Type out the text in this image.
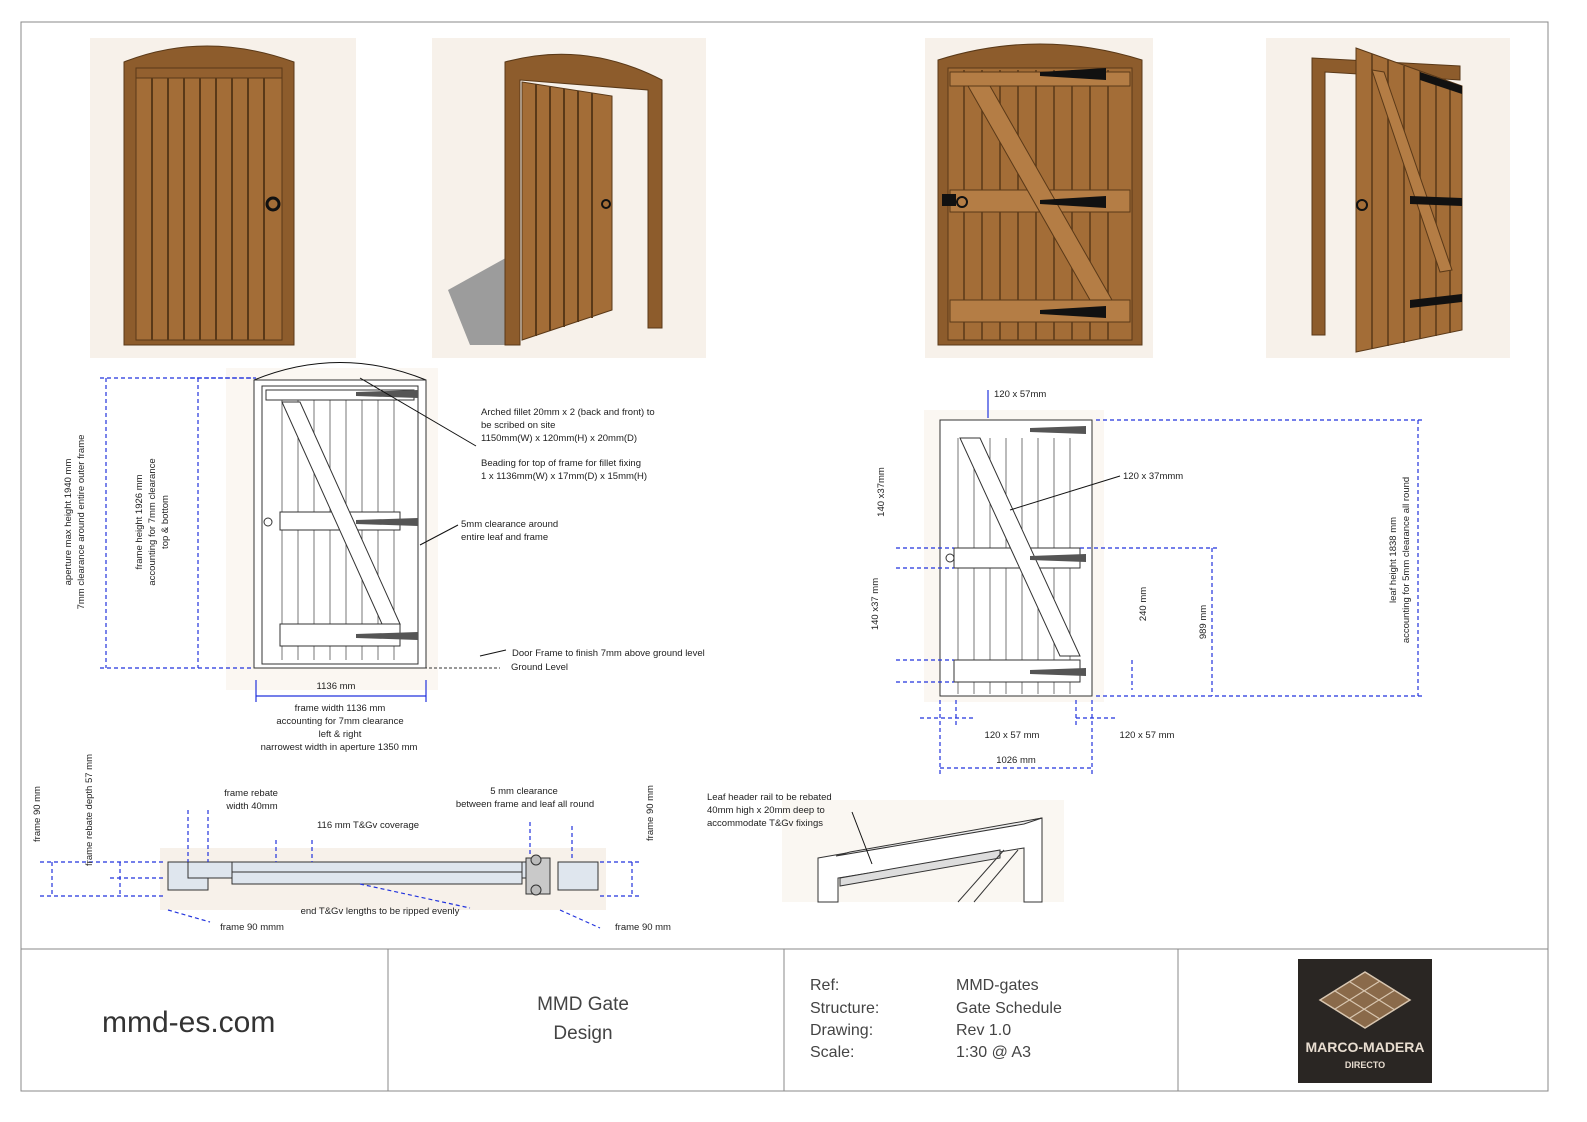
Arched fillet 20mm x 2 (back and front) to
be scribed on site
1150mm(W) x 120mm(H) x 20mm(D)
Beading for top of frame for fillet fixing
1 x 1136mm(W) x 17mm(D) x 15mm(H)
5mm clearance around
entire leaf and frame
Door Frame to finish 7mm above ground level
Ground Level
aperture max height 1940 mm 7mm clearance around entire outer frame	frame height 1926 mm accounting for 7mm clearance top & bottom
1136 mm
frame width 1136 mm
accounting for 7mm clearance
left & right
narrowest width in aperture 1350 mm
120 x 57mm
120 x 37mmm
140 x37mm
140 x37 mm	240 mm
989 mm
leaf height 1838 mm accounting for 5mm clearance all round
120 x 57 mm	120 x 57 mm
1026 mm
frame 90 mm	frame rebate depth 57 mm	frame rebate
width 40mm
116 mm T&Gv coverage
5 mm clearance
between frame and leaf all round	frame 90 mm
end T&Gv lengths to be ripped evenly
frame 90 mmm	frame 90 mm
Leaf header rail to be rebated
40mm high x 20mm deep to
accommodate T&Gv fixings
mmd-es.com
MMD Gate
Design
Ref:	MMD-gates
Structure:	Gate Schedule
Drawing:	Rev 1.0
Scale:	1:30 @ A3	MARCO-MADERA
DIRECTO
